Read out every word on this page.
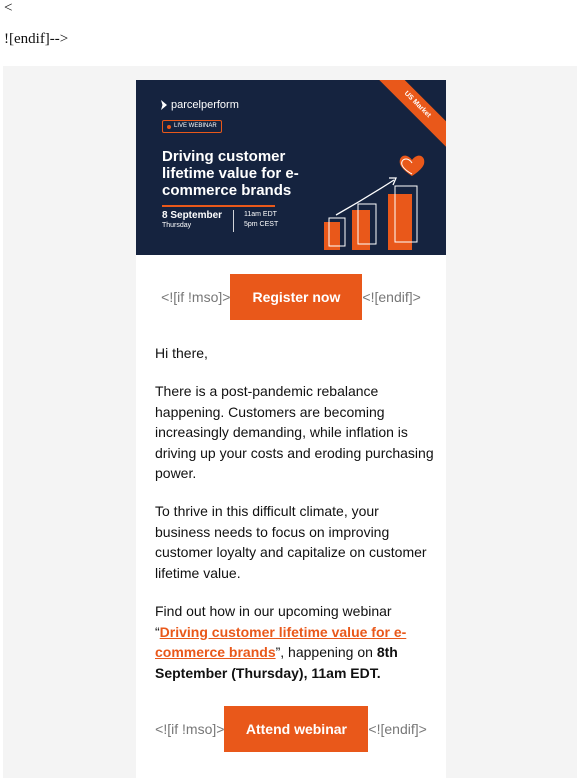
<
![endif]-->
parcelperform
LIVE WEBINAR
US Market
Driving customer lifetime value for e-commerce brands
8 September
Thursday
11am EDT
5pm CEST
<![if !mso]>	Register now	<![endif]>
Hi there,
There is a post-pandemic rebalance happening. Customers are becoming increasingly demanding, while inflation is driving up your costs and eroding purchasing power.
To thrive in this difficult climate, your business needs to focus on improving customer loyalty and capitalize on customer lifetime value.
Find out how in our upcoming webinar “Driving customer lifetime value for e-commerce brands”, happening on 8th September (Thursday), 11am EDT.
<![if !mso]>	Attend webinar	<![endif]>
